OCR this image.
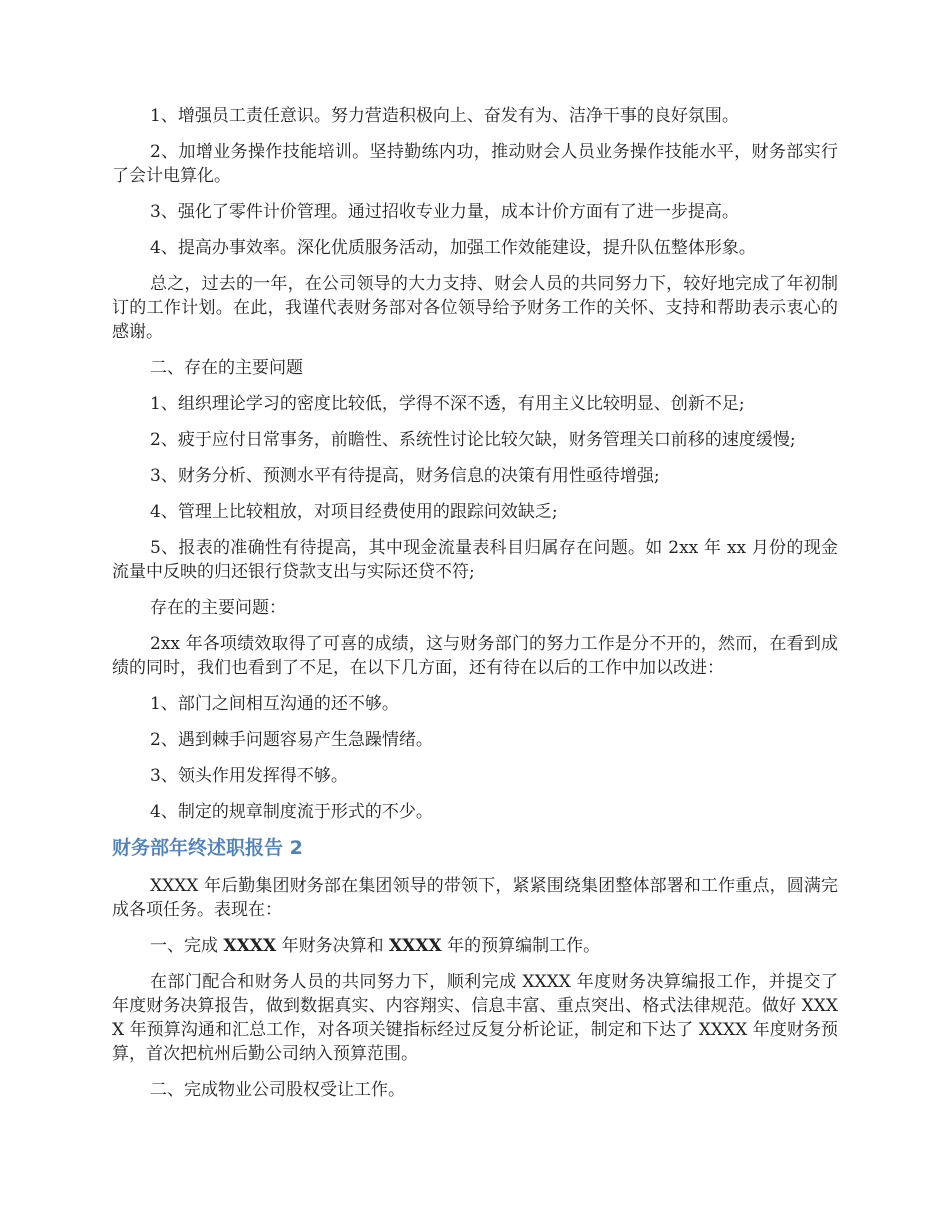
1、增强员工责任意识。努力营造积极向上、奋发有为、洁净干事的良好氛围。

2、加增业务操作技能培训。坚持勤练内功，推动财会人员业务操作技能水平，财务部实行了会计电算化。

3、强化了零件计价管理。通过招收专业力量，成本计价方面有了进一步提高。

4、提高办事效率。深化优质服务活动，加强工作效能建设，提升队伍整体形象。

总之，过去的一年，在公司领导的大力支持、财会人员的共同努力下，较好地完成了年初制订的工作计划。在此，我谨代表财务部对各位领导给予财务工作的关怀、支持和帮助表示衷心的感谢。

二、存在的主要问题

1、组织理论学习的密度比较低，学得不深不透，有用主义比较明显、创新不足;

2、疲于应付日常事务，前瞻性、系统性讨论比较欠缺，财务管理关口前移的速度缓慢;

3、财务分析、预测水平有待提高，财务信息的决策有用性亟待增强;

4、管理上比较粗放，对项目经费使用的跟踪问效缺乏;

5、报表的准确性有待提高，其中现金流量表科目归属存在问题。如 2xx 年 xx 月份的现金流量中反映的归还银行贷款支出与实际还贷不符;

存在的主要问题：

2xx 年各项绩效取得了可喜的成绩，这与财务部门的努力工作是分不开的，然而，在看到成绩的同时，我们也看到了不足，在以下几方面，还有待在以后的工作中加以改进：

1、部门之间相互沟通的还不够。

2、遇到棘手问题容易产生急躁情绪。

3、领头作用发挥得不够。

4、制定的规章制度流于形式的不少。

财务部年终述职报告 2

XXXX 年后勤集团财务部在集团领导的带领下，紧紧围绕集团整体部署和工作重点，圆满完成各项任务。表现在：

一、完成 XXXX 年财务决算和 XXXX 年的预算编制工作。

在部门配合和财务人员的共同努力下，顺利完成 XXXX 年度财务决算编报工作，并提交了年度财务决算报告，做到数据真实、内容翔实、信息丰富、重点突出、格式法律规范。做好 XXXX 年预算沟通和汇总工作，对各项关键指标经过反复分析论证，制定和下达了 XXXX 年度财务预算，首次把杭州后勤公司纳入预算范围。

二、完成物业公司股权受让工作。
